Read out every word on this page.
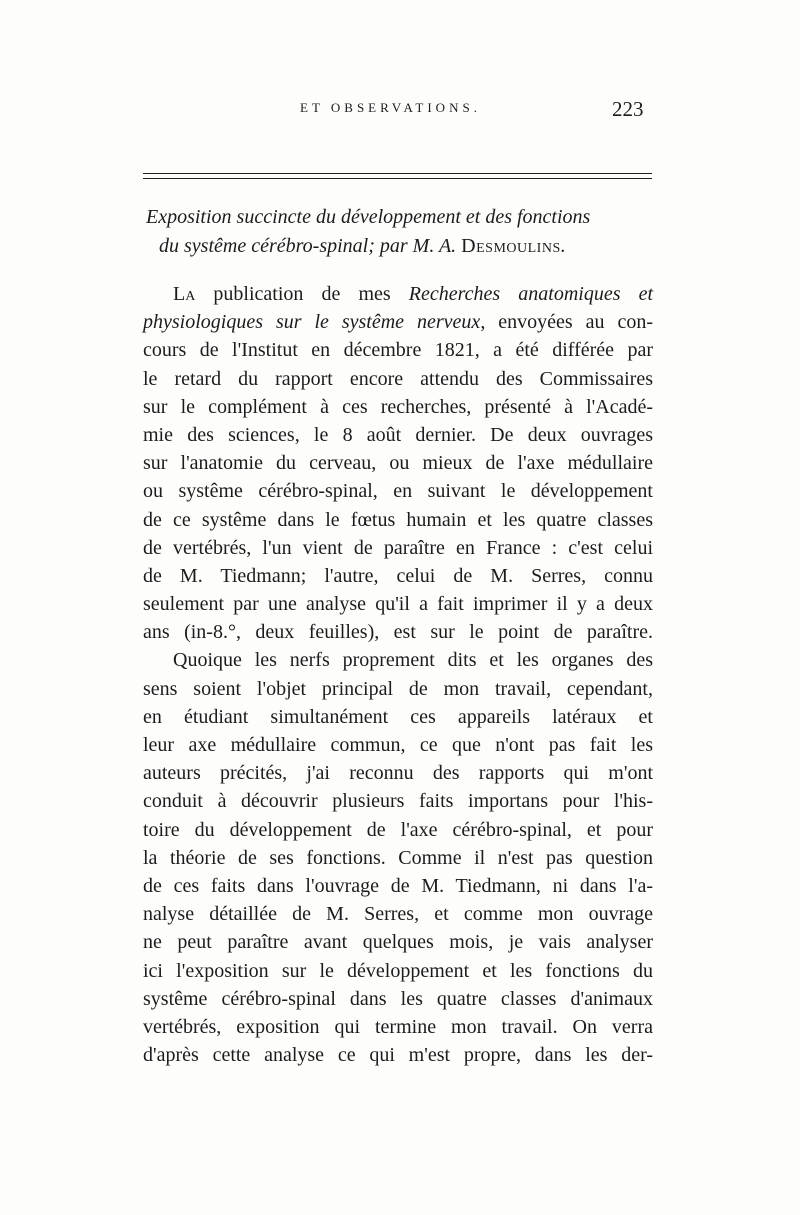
ET OBSERVATIONS.	223
Exposition succincte du développement et des fonctions
du systême cérébro-spinal; par M. A. Desmoulins.
La publication de mes Recherches anatomiques et
physiologiques sur le systême nerveux, envoyées au con-
cours de l'Institut en décembre 1821, a été différée par
le retard du rapport encore attendu des Commissaires
sur le complément à ces recherches, présenté à l'Acadé-
mie des sciences, le 8 août dernier. De deux ouvrages
sur l'anatomie du cerveau, ou mieux de l'axe médullaire
ou systême cérébro-spinal, en suivant le développement
de ce systême dans le fœtus humain et les quatre classes
de vertébrés, l'un vient de paraître en France : c'est celui
de M. Tiedmann; l'autre, celui de M. Serres, connu
seulement par une analyse qu'il a fait imprimer il y a deux
ans (in-8.°, deux feuilles), est sur le point de paraître.
Quoique les nerfs proprement dits et les organes des
sens soient l'objet principal de mon travail, cependant,
en étudiant simultanément ces appareils latéraux et
leur axe médullaire commun, ce que n'ont pas fait les
auteurs précités, j'ai reconnu des rapports qui m'ont
conduit à découvrir plusieurs faits importans pour l'his-
toire du développement de l'axe cérébro-spinal, et pour
la théorie de ses fonctions. Comme il n'est pas question
de ces faits dans l'ouvrage de M. Tiedmann, ni dans l'a-
nalyse détaillée de M. Serres, et comme mon ouvrage
ne peut paraître avant quelques mois, je vais analyser
ici l'exposition sur le développement et les fonctions du
systême cérébro-spinal dans les quatre classes d'animaux
vertébrés, exposition qui termine mon travail. On verra
d'après cette analyse ce qui m'est propre, dans les der-
